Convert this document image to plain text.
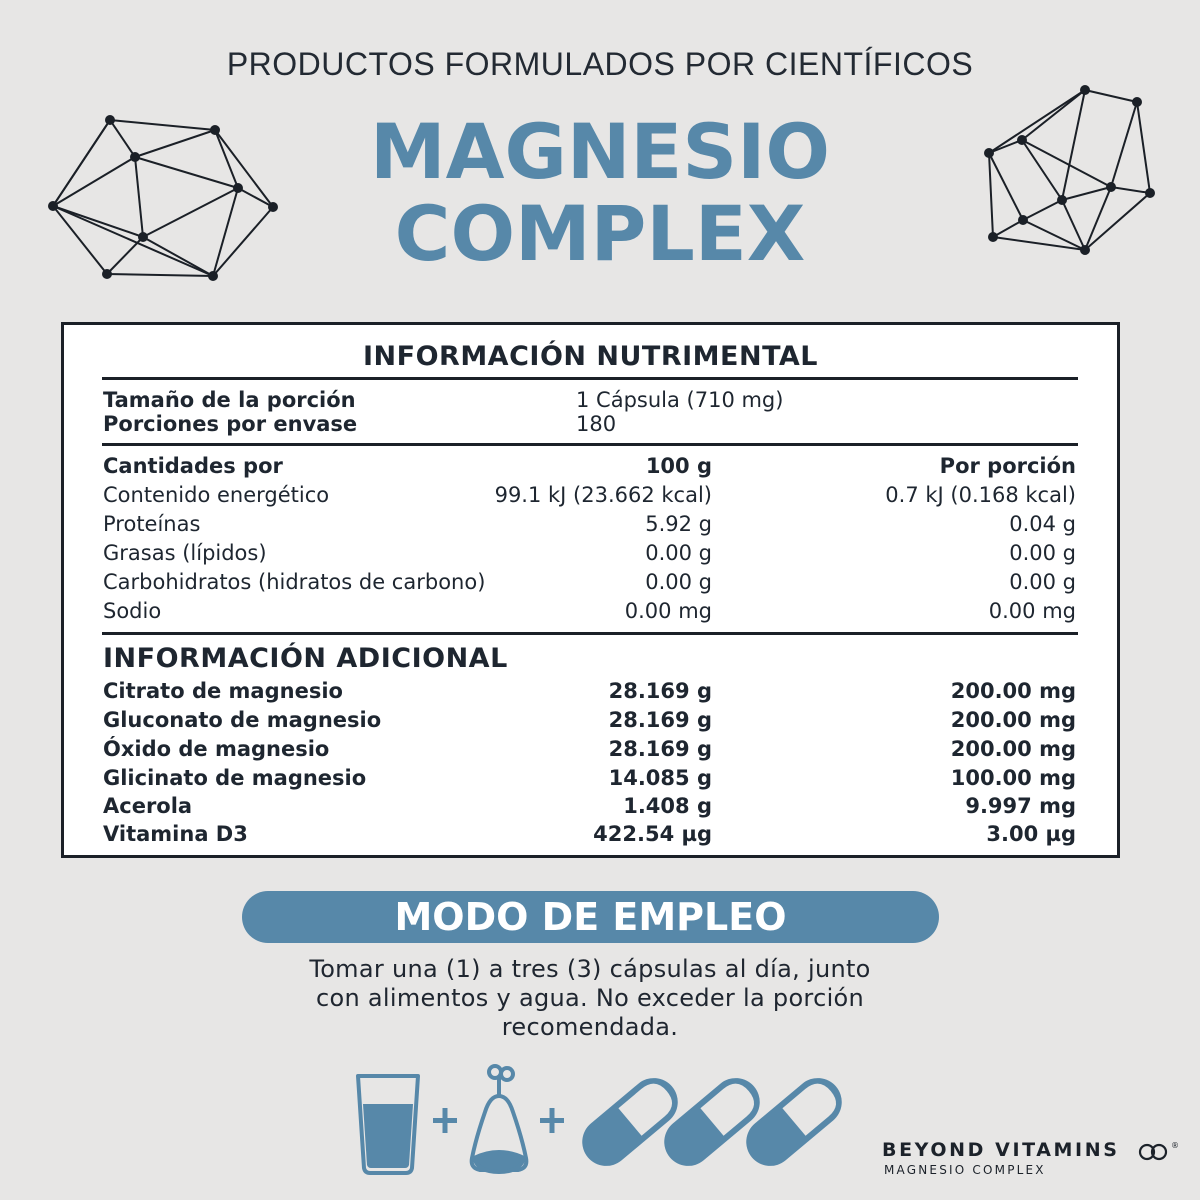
PRODUCTOS FORMULADOS POR CIENTÍFICOS
MAGNESIO
COMPLEX
INFORMACIÓN NUTRIMENTAL
Tamaño de la porción	1 Cápsula (710 mg)
Porciones por envase	180
Cantidades por	100 g	Por porción
Contenido energético	99.1 kJ (23.662 kcal)	0.7 kJ (0.168 kcal)
Proteínas	5.92 g	0.04 g
Grasas (lípidos)	0.00 g	0.00 g
Carbohidratos (hidratos de carbono)	0.00 g	0.00 g
Sodio	0.00 mg	0.00 mg
INFORMACIÓN ADICIONAL
Citrato de magnesio	28.169 g	200.00 mg
Gluconato de magnesio	28.169 g	200.00 mg
Óxido de magnesio	28.169 g	200.00 mg
Glicinato de magnesio	14.085 g	100.00 mg
Acerola	1.408 g	9.997 mg
Vitamina D3	422.54 µg	3.00 µg
MODO DE EMPLEO
Tomar una (1) a tres (3) cápsulas al día, junto
con alimentos y agua. No exceder la porción
recomendada.
BEYOND VITAMINS	®
MAGNESIO COMPLEX
